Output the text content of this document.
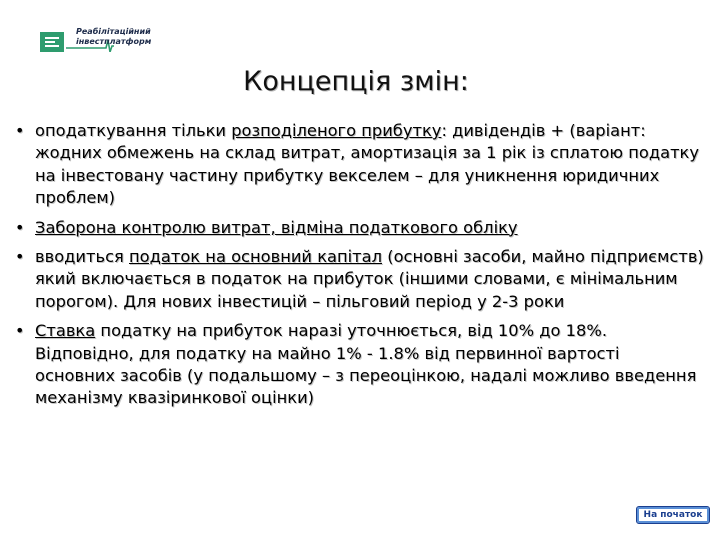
Реабілітаційний
інвестплатформ
Концепція змін:
• оподаткування тільки розподіленого прибутку: дивідендів + (варіант: жодних обмежень на склад витрат, амортизація за 1 рік із сплатою податку на інвестовану частину прибутку векселем – для уникнення юридичних проблем)
• Заборона контролю витрат, відміна податкового обліку
• вводиться податок на основний капітал (основні засоби, майно підприємств) який включається в податок на прибуток (іншими словами, є мінімальним порогом). Для нових інвестицій – пільговий період у 2-3 роки
• Ставка податку на прибуток наразі уточнюється, від 10% до 18%. Відповідно, для податку на майно 1% - 1.8% від первинної вартості основних засобів (у подальшому – з переоцінкою, надалі можливо введення механізму квазіринкової оцінки)
На початок
